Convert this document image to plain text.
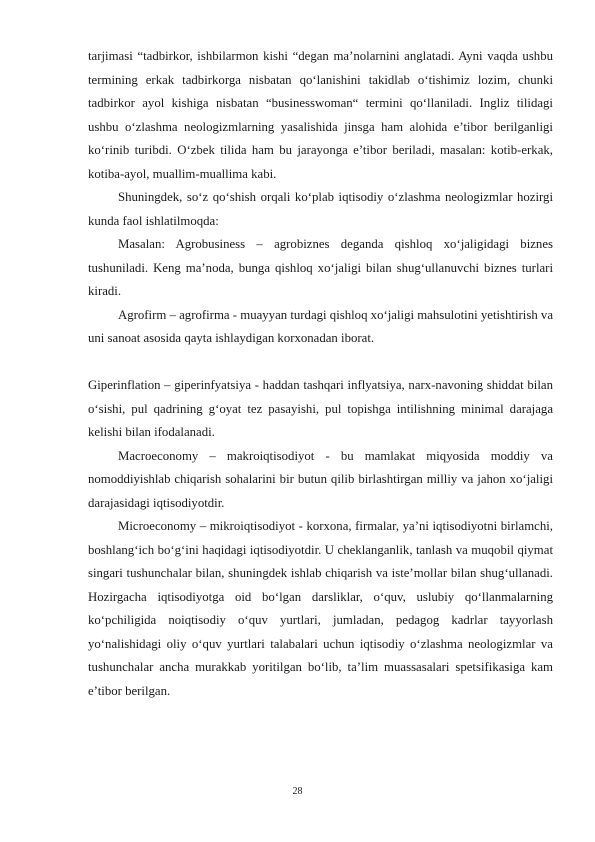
tarjimasi “tadbirkor, ishbilarmon kishi “degan ma’nolarnini anglatadi. Ayni vaqda ushbu termining erkak tadbirkorga nisbatan qo‘lanishini takidlab o‘tishimiz lozim, chunki tadbirkor ayol kishiga nisbatan “businesswoman“ termini qo‘llaniladi. Ingliz tilidagi ushbu o‘zlashma neologizmlarning yasalishida jinsga ham alohida e’tibor berilganligi ko‘rinib turibdi. O‘zbek tilida ham bu jarayonga e’tibor beriladi, masalan: kotib-erkak, kotiba-ayol, muallim-muallima kabi.

Shuningdek, so‘z qo‘shish orqali ko‘plab iqtisodiy o‘zlashma neologizmlar hozirgi kunda faol ishlatilmoqda:

Masalan: Agrobusiness – agrobiznes deganda qishloq xo‘jaligidagi biznes tushuniladi. Keng ma’noda, bunga qishloq xo‘jaligi bilan shug‘ullanuvchi biznes turlari kiradi.

Agrofirm – agrofirma - muayyan turdagi qishloq xo‘jaligi mahsulotini yetishtirish va uni sanoat asosida qayta ishlaydigan korxonadan iborat.

Giperinflation – giperinfyatsiya - haddan tashqari inflyatsiya, narx-navoning shiddat bilan o‘sishi, pul qadrining g‘oyat tez pasayishi, pul topishga intilishning minimal darajaga kelishi bilan ifodalanadi.

Macroeconomy – makroiqtisodiyot - bu mamlakat miqyosida moddiy va nomoddiyishlab chiqarish sohalarini bir butun qilib birlashtirgan milliy va jahon xo‘jaligi darajasidagi iqtisodiyotdir.

Microeconomy – mikroiqtisodiyot - korxona, firmalar, ya’ni iqtisodiyotni birlamchi, boshlang‘ich bo‘g‘ini haqidagi iqtisodiyotdir. U cheklanganlik, tanlash va muqobil qiymat singari tushunchalar bilan, shuningdek ishlab chiqarish va iste’mollar bilan shug‘ullanadi. Hozirgacha iqtisodiyotga oid bo‘lgan darsliklar, o‘quv, uslubiy qo‘llanmalarning ko‘pchiligida noiqtisodiy o‘quv yurtlari, jumladan, pedagog kadrlar tayyorlash yo‘nalishidagi oliy o‘quv yurtlari talabalari uchun iqtisodiy o‘zlashma neologizmlar va tushunchalar ancha murakkab yoritilgan bo‘lib, ta’lim muassasalari spetsifikasiga kam e’tibor berilgan.

28
